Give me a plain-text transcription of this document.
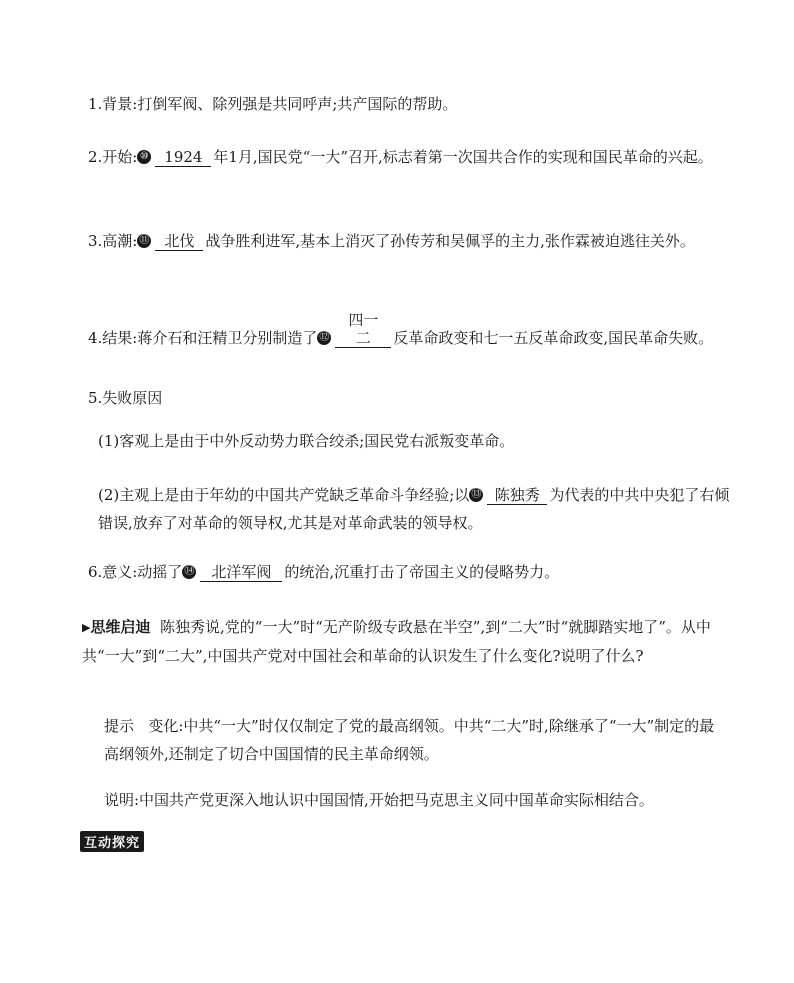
1.背景:打倒军阀、除列强是共同呼声;共产国际的帮助。
2.开始: ⑩ 1924 年1月,国民党“一大”召开,标志着第一次国共合作的实现和国民革命的兴起。
3.高潮: ⑪ 北伐 战争胜利进军,基本上消灭了孙传芳和吴佩孚的主力,张作霖被迫逃往关外。
4.结果:蒋介石和汪精卫分别制造了 ⑫四一二 反革命政变和七一五反革命政变,国民革命失败。
5.失败原因
(1)客观上是由于中外反动势力联合绞杀;国民党右派叛变革命。
(2)主观上是由于年幼的中国共产党缺乏革命斗争经验;以 ⑬ 陈独秀 为代表的中共中央犯了右倾错误,放弃了对革命的领导权,尤其是对革命武装的领导权。
6.意义:动摇了 ⑭ 北洋军阀 的统治,沉重打击了帝国主义的侵略势力。
▶思维启迪 陈独秀说,党的“一大”时“无产阶级专政悬在半空”,到“二大”时“就脚踏实地了”。从中共“一大”到“二大”,中国共产党对中国社会和革命的认识发生了什么变化?说明了什么?
提示 变化:中共“一大”时仅仅制定了党的最高纲领。中共“二大”时,除继承了“一大”制定的最高纲领外,还制定了切合中国国情的民主革命纲领。
说明:中国共产党更深入地认识中国国情,开始把马克思主义同中国革命实际相结合。
互动探究
